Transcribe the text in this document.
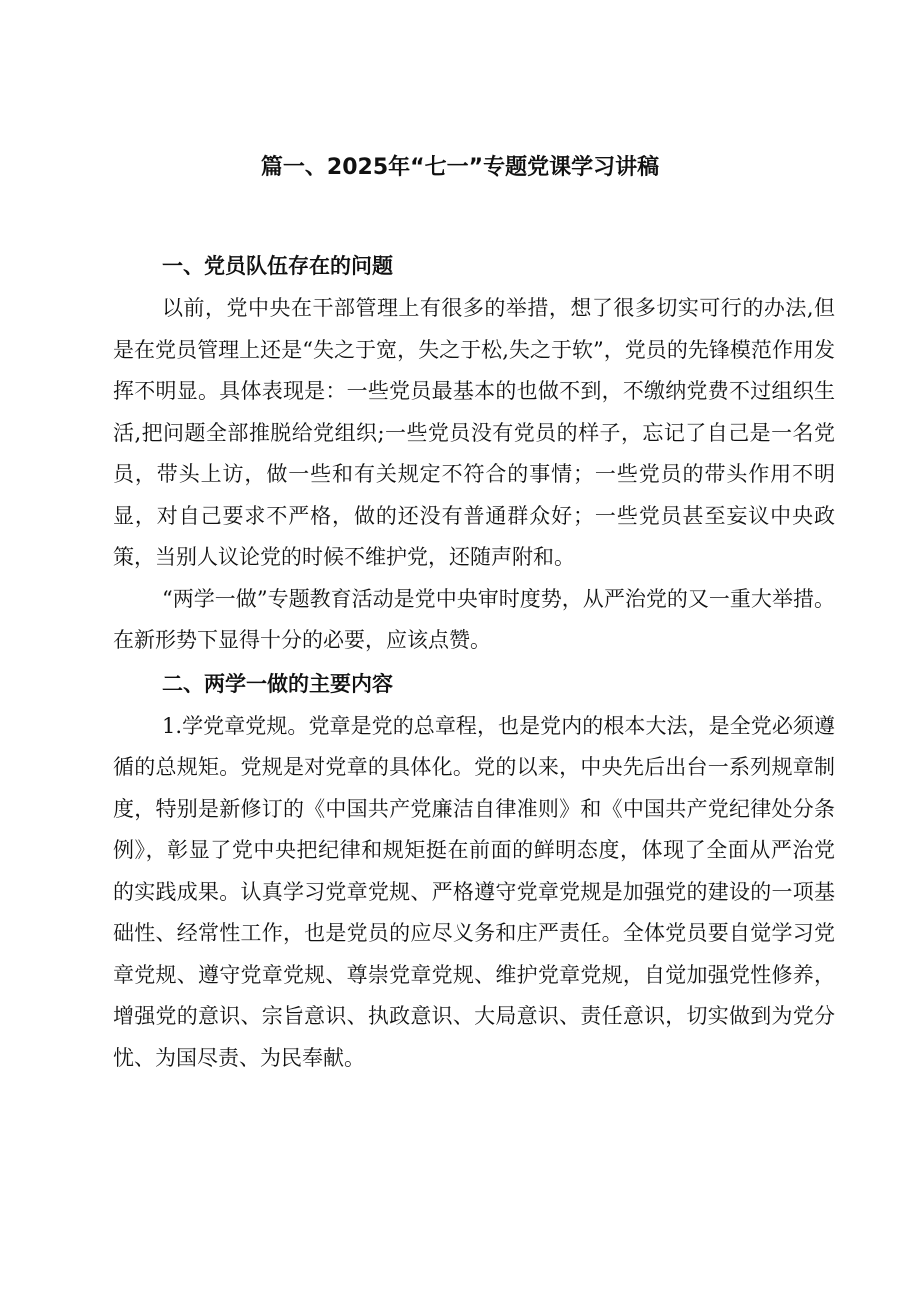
篇一、2025年“七一”专题党课学习讲稿
一、党员队伍存在的问题

以前，党中央在干部管理上有很多的举措，想了很多切实可行的办法,但是在党员管理上还是“失之于宽，失之于松,失之于软”，党员的先锋模范作用发挥不明显。具体表现是：一些党员最基本的也做不到，不缴纳党费不过组织生活,把问题全部推脱给党组织;一些党员没有党员的样子，忘记了自己是一名党员，带头上访，做一些和有关规定不符合的事情；一些党员的带头作用不明显，对自己要求不严格，做的还没有普通群众好；一些党员甚至妄议中央政策，当别人议论党的时候不维护党，还随声附和。

“两学一做”专题教育活动是党中央审时度势，从严治党的又一重大举措。在新形势下显得十分的必要，应该点赞。

二、两学一做的主要内容

1.学党章党规。党章是党的总章程，也是党内的根本大法，是全党必须遵循的总规矩。党规是对党章的具体化。党的以来，中央先后出台一系列规章制度，特别是新修订的《中国共产党廉洁自律准则》和《中国共产党纪律处分条例》，彰显了党中央把纪律和规矩挺在前面的鲜明态度，体现了全面从严治党的实践成果。认真学习党章党规、严格遵守党章党规是加强党的建设的一项基础性、经常性工作，也是党员的应尽义务和庄严责任。全体党员要自觉学习党章党规、遵守党章党规、尊崇党章党规、维护党章党规，自觉加强党性修养，增强党的意识、宗旨意识、执政意识、大局意识、责任意识，切实做到为党分忧、为国尽责、为民奉献。
